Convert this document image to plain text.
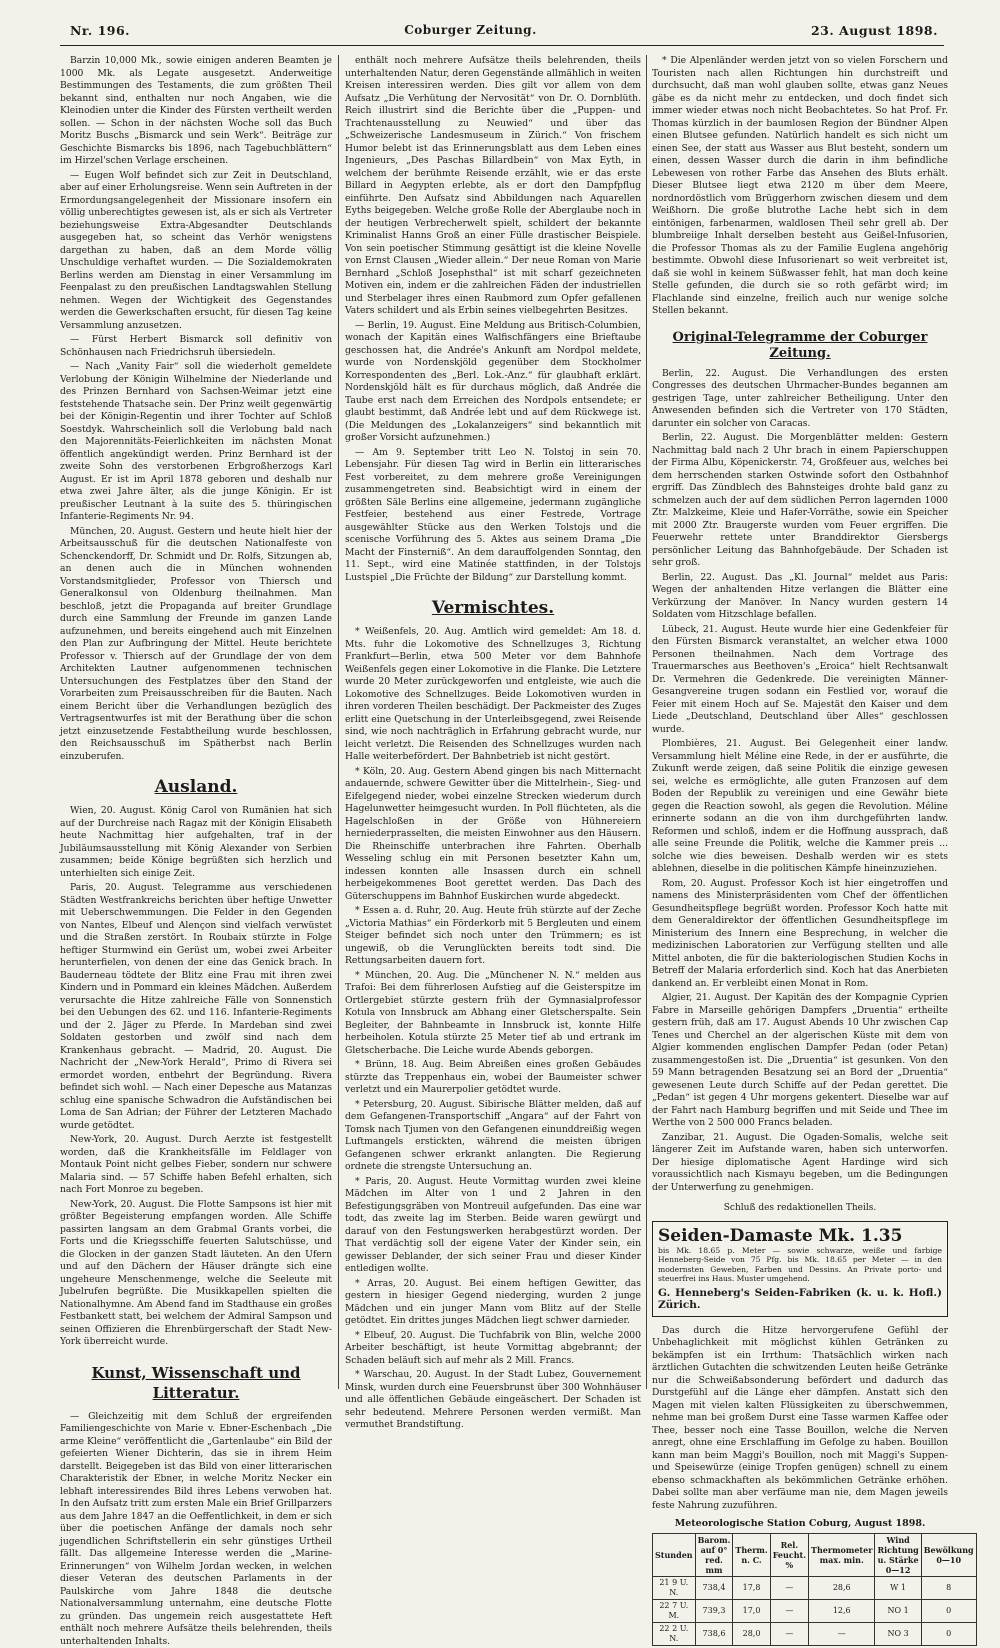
Nr. 196.	Coburger Zeitung.	23. August 1898.

Barzin 10,000 Mk., sowie einigen anderen Beamten je 1000 Mk. als Legate ausgesetzt. Anderweitige Bestimmungen des Testaments, die zum größten Theil bekannt sind, enthalten nur noch Angaben, wie die Kleinodien unter die Kinder des Fürsten vertheilt werden sollen. — Schon in der nächsten Woche soll das Buch Moritz Buschs „Bismarck und sein Werk“. Beiträge zur Geschichte Bismarcks bis 1896, nach Tagebuchblättern“ im Hirzel'schen Verlage erscheinen.

— Eugen Wolf befindet sich zur Zeit in Deutschland, aber auf einer Erholungsreise. Wenn sein Auftreten in der Ermordungsangelegenheit der Missionare insofern ein völlig unberechtigtes gewesen ist, als er sich als Vertreter beziehungsweise Extra-Abgesandter Deutschlands ausgegeben hat, so scheint das Verhör wenigstens dargethan zu haben, daß an dem Morde völlig Unschuldige verhaftet wurden. — Die Sozialdemokraten Berlins werden am Dienstag in einer Versammlung im Feenpalast zu den preußischen Landtagswahlen Stellung nehmen. Wegen der Wichtigkeit des Gegenstandes werden die Gewerkschaften ersucht, für diesen Tag keine Versammlung anzusetzen.

— Fürst Herbert Bismarck soll definitiv von Schönhausen nach Friedrichsruh übersiedeln.

— Nach „Vanity Fair“ soll die wiederholt gemeldete Verlobung der Königin Wilhelmine der Niederlande und des Prinzen Bernhard von Sachsen-Weimar jetzt eine feststehende Thatsache sein. Der Prinz weilt gegenwärtig bei der Königin-Regentin und ihrer Tochter auf Schloß Soestdyk. Wahrscheinlich soll die Verlobung bald nach den Majorennitäts-Feierlichkeiten im nächsten Monat öffentlich angekündigt werden. Prinz Bernhard ist der zweite Sohn des verstorbenen Erbgroßherzogs Karl August. Er ist im April 1878 geboren und deshalb nur etwa zwei Jahre älter, als die junge Königin. Er ist preußischer Leutnant à la suite des 5. thüringischen Infanterie-Regiments Nr. 94.

München, 20. August. Gestern und heute hielt hier der Arbeitsausschuß für die deutschen Nationalfeste von Schenckendorff, Dr. Schmidt und Dr. Rolfs, Sitzungen ab, an denen auch die in München wohnenden Vorstandsmitglieder, Professor von Thiersch und Generalkonsul von Oldenburg theilnahmen. Man beschloß, jetzt die Propaganda auf breiter Grundlage durch eine Sammlung der Freunde im ganzen Lande aufzunehmen, und bereits eingehend auch mit Einzelnen den Plan zur Aufbringung der Mittel. Heute berichtete Professor v. Thiersch auf der Grundlage der von dem Architekten Lautner aufgenommenen technischen Untersuchungen des Festplatzes über den Stand der Vorarbeiten zum Preisausschreiben für die Bauten. Nach einem Bericht über die Verhandlungen bezüglich des Vertragsentwurfes ist mit der Berathung über die schon jetzt einzusetzende Festabtheilung wurde beschlossen, den Reichsausschuß im Spätherbst nach Berlin einzuberufen.

Ausland.

Wien, 20. August. König Carol von Rumänien hat sich auf der Durchreise nach Ragaz mit der Königin Elisabeth heute Nachmittag hier aufgehalten, traf in der Jubiläumsausstellung mit König Alexander von Serbien zusammen; beide Könige begrüßten sich herzlich und unterhielten sich einige Zeit.

Paris, 20. August. Telegramme aus verschiedenen Städten Westfrankreichs berichten über heftige Unwetter mit Ueberschwemmungen. Die Felder in den Gegenden von Nantes, Elbeuf und Alençon sind vielfach verwüstet und die Straßen zerstört. In Roubaix stürzte in Folge heftiger Sturmwind ein Gerüst um, wobei zwei Arbeiter herunterfielen, von denen der eine das Genick brach. In Bauderneau tödtete der Blitz eine Frau mit ihren zwei Kindern und in Pommard ein kleines Mädchen. Außerdem verursachte die Hitze zahlreiche Fälle von Sonnenstich bei den Uebungen des 62. und 116. Infanterie-Regiments und der 2. Jäger zu Pferde. In Mardeban sind zwei Soldaten gestorben und zwölf sind nach dem Krankenhaus gebracht. — Madrid, 20. August. Die Nachricht der „New-York Herald“, Primo di Rivera sei ermordet worden, entbehrt der Begründung. Rivera befindet sich wohl. — Nach einer Depesche aus Matanzas schlug eine spanische Schwadron die Aufständischen bei Loma de San Adrian; der Führer der Letzteren Machado wurde getödtet.

New-York, 20. August. Durch Aerzte ist festgestellt worden, daß die Krankheitsfälle im Feldlager von Montauk Point nicht gelbes Fieber, sondern nur schwere Malaria sind. — 57 Schiffe haben Befehl erhalten, sich nach Fort Monroe zu begeben.

New-York, 20. August. Die Flotte Sampsons ist hier mit größter Begeisterung empfangen worden. Alle Schiffe passirten langsam an dem Grabmal Grants vorbei, die Forts und die Kriegsschiffe feuerten Salutschüsse, und die Glocken in der ganzen Stadt läuteten. An den Ufern und auf den Dächern der Häuser drängte sich eine ungeheure Menschenmenge, welche die Seeleute mit Jubelrufen begrüßte. Die Musikkapellen spielten die Nationalhymne. Am Abend fand im Stadthause ein großes Festbankett statt, bei welchem der Admiral Sampson und seinen Offizieren die Ehrenbürgerschaft der Stadt New-York überreicht wurde.

Kunst, Wissenschaft und Litteratur.

— Gleichzeitig mit dem Schluß der ergreifenden Familiengeschichte von Marie v. Ebner-Eschenbach „Die arme Kleine“ veröffentlicht die „Gartenlaube“ ein Bild der gefeierten Wiener Dichterin, das sie in ihrem Heim darstellt. Beigegeben ist das Bild von einer litterarischen Charakteristik der Ebner, in welche Moritz Necker ein lebhaft interessirendes Bild ihres Lebens verwoben hat. In den Aufsatz tritt zum ersten Male ein Brief Grillparzers aus dem Jahre 1847 an die Oeffentlichkeit, in dem er sich über die poetischen Anfänge der damals noch sehr jugendlichen Schriftstellerin ein sehr günstiges Urtheil fällt. Das allgemeine Interesse werden die „Marine-Erinnerungen“ von Wilhelm Jordan wecken, in welchen dieser Veteran des deutschen Parlaments in der Paulskirche vom Jahre 1848 die deutsche Nationalversammlung unternahm, eine deutsche Flotte zu gründen. Das ungemein reich ausgestattete Heft enthält noch mehrere Aufsätze theils belehrenden, theils unterhaltenden Inhalts.

enthält noch mehrere Aufsätze theils belehrenden, theils unterhaltenden Natur, deren Gegenstände allmählich in weiten Kreisen interessiren werden. Dies gilt vor allem von dem Aufsatz „Die Verhütung der Nervosität“ von Dr. O. Dornblüth. Reich illustrirt sind die Berichte über die „Puppen- und Trachtenausstellung zu Neuwied“ und über das „Schweizerische Landesmuseum in Zürich.“ Von frischem Humor belebt ist das Erinnerungsblatt aus dem Leben eines Ingenieurs, „Des Paschas Billardbein“ von Max Eyth, in welchem der berühmte Reisende erzählt, wie er das erste Billard in Aegypten erlebte, als er dort den Dampfpflug einführte. Den Aufsatz sind Abbildungen nach Aquarellen Eyths beigegeben. Welche große Rolle der Aberglaube noch in der heutigen Verbrecherwelt spielt, schildert der bekannte Kriminalist Hanns Groß an einer Fülle drastischer Beispiele. Von sein poetischer Stimmung gesättigt ist die kleine Novelle von Ernst Clausen „Wieder allein.“ Der neue Roman von Marie Bernhard „Schloß Josephsthal“ ist mit scharf gezeichneten Motiven ein, indem er die zahlreichen Fäden der industriellen und Sterbelager ihres einen Raubmord zum Opfer gefallenen Vaters schildert und als Erbin seines vielbegehrten Besitzes.

— Berlin, 19. August. Eine Meldung aus Britisch-Columbien, wonach der Kapitän eines Walfischfängers eine Brieftaube geschossen hat, die Andrée's Ankunft am Nordpol meldete, wurde von Nordenskjöld gegenüber dem Stockholmer Korrespondenten des „Berl. Lok.-Anz.“ für glaubhaft erklärt. Nordenskjöld hält es für durchaus möglich, daß Andrée die Taube erst nach dem Erreichen des Nordpols entsendete; er glaubt bestimmt, daß Andrée lebt und auf dem Rückwege ist. (Die Meldungen des „Lokalanzeigers“ sind bekanntlich mit großer Vorsicht aufzunehmen.)

— Am 9. September tritt Leo N. Tolstoj in sein 70. Lebensjahr. Für diesen Tag wird in Berlin ein litterarisches Fest vorbereitet, zu dem mehrere große Vereinigungen zusammengetreten sind. Beabsichtigt wird in einem der größten Säle Berlins eine allgemeine, jedermann zugängliche Festfeier, bestehend aus einer Festrede, Vortrage ausgewählter Stücke aus den Werken Tolstojs und die scenische Vorführung des 5. Aktes aus seinem Drama „Die Macht der Finsterniß“. An dem darauffolgenden Sonntag, den 11. Sept., wird eine Matinée stattfinden, in der Tolstojs Lustspiel „Die Früchte der Bildung“ zur Darstellung kommt.

Vermischtes.

* Weißenfels, 20. Aug. Amtlich wird gemeldet: Am 18. d. Mts. fuhr die Lokomotive des Schnellzuges 3, Richtung Frankfurt—Berlin, etwa 500 Meter vor dem Bahnhofe Weißenfels gegen einer Lokomotive in die Flanke. Die Letztere wurde 20 Meter zurückgeworfen und entgleiste, wie auch die Lokomotive des Schnellzuges. Beide Lokomotiven wurden in ihren vorderen Theilen beschädigt. Der Packmeister des Zuges erlitt eine Quetschung in der Unterleibsgegend, zwei Reisende sind, wie noch nachträglich in Erfahrung gebracht wurde, nur leicht verletzt. Die Reisenden des Schnellzuges wurden nach Halle weiterbefördert. Der Bahnbetrieb ist nicht gestört.

* Köln, 20. Aug. Gestern Abend gingen bis nach Mitternacht andauernde, schwere Gewitter über die Mittelrhein-, Sieg- und Eifelgegend nieder, wobei einzelne Strecken wiederum durch Hagelunwetter heimgesucht wurden. In Poll flüchteten, als die Hagelschloßen in der Größe von Hühnereiern herniederprasselten, die meisten Einwohner aus den Häusern. Die Rheinschiffe unterbrachen ihre Fahrten. Oberhalb Wesseling schlug ein mit Personen besetzter Kahn um, indessen konnten alle Insassen durch ein schnell herbeigekommenes Boot gerettet werden. Das Dach des Güterschuppens im Bahnhof Euskirchen wurde abgedeckt.

* Essen a. d. Ruhr, 20. Aug. Heute früh stürzte auf der Zeche „Victoria Mathias“ ein Förderkorb mit 5 Bergleuten und einem Steiger befindet sich noch unter den Trümmern; es ist ungewiß, ob die Verunglückten bereits todt sind. Die Rettungsarbeiten dauern fort.

* München, 20. Aug. Die „Münchener N. N.“ melden aus Trafoi: Bei dem führerlosen Aufstieg auf die Geisterspitze im Ortlergebiet stürzte gestern früh der Gymnasialprofessor Kotula von Innsbruck am Abhang einer Gletscherspalte. Sein Begleiter, der Bahnbeamte in Innsbruck ist, konnte Hilfe herbeiholen. Kotula stürzte 25 Meter tief ab und ertrank im Gletscherbache. Die Leiche wurde Abends geborgen.

* Brünn, 18. Aug. Beim Abreißen eines großen Gebäudes stürzte das Treppenhaus ein, wobei der Baumeister schwer verletzt und ein Maurerpolier getödtet wurde.

* Petersburg, 20. August. Sibirische Blätter melden, daß auf dem Gefangenen-Transportschiff „Angara“ auf der Fahrt von Tomsk nach Tjumen von den Gefangenen einunddreißig wegen Luftmangels erstickten, während die meisten übrigen Gefangenen schwer erkrankt anlangten. Die Regierung ordnete die strengste Untersuchung an.

* Paris, 20. August. Heute Vormittag wurden zwei kleine Mädchen im Alter von 1 und 2 Jahren in den Befestigungsgräben von Montreuil aufgefunden. Das eine war todt, das zweite lag im Sterben. Beide waren gewürgt und darauf von den Festungswerken herabgestürzt worden. Der That verdächtig soll der eigene Vater der Kinder sein, ein gewisser Deblander, der sich seiner Frau und dieser Kinder entledigen wollte.

* Arras, 20. August. Bei einem heftigen Gewitter, das gestern in hiesiger Gegend niederging, wurden 2 junge Mädchen und ein junger Mann vom Blitz auf der Stelle getödtet. Ein drittes junges Mädchen liegt schwer darnieder.

* Elbeuf, 20. August. Die Tuchfabrik von Blin, welche 2000 Arbeiter beschäftigt, ist heute Vormittag abgebrannt; der Schaden beläuft sich auf mehr als 2 Mill. Francs.

* Warschau, 20. August. In der Stadt Lubez, Gouvernement Minsk, wurden durch eine Feuersbrunst über 300 Wohnhäuser und alle öffentlichen Gebäude eingeäschert. Der Schaden ist sehr bedeutend. Mehrere Personen werden vermißt. Man vermuthet Brandstiftung.

* Die Alpenländer werden jetzt von so vielen Forschern und Touristen nach allen Richtungen hin durchstreift und durchsucht, daß man wohl glauben sollte, etwas ganz Neues gäbe es da nicht mehr zu entdecken, und doch findet sich immer wieder etwas noch nicht Beobachtetes. So hat Prof. Fr. Thomas kürzlich in der baumlosen Region der Bündner Alpen einen Blutsee gefunden. Natürlich handelt es sich nicht um einen See, der statt aus Wasser aus Blut besteht, sondern um einen, dessen Wasser durch die darin in ihm befindliche Lebewesen von rother Farbe das Ansehen des Bluts erhält. Dieser Blutsee liegt etwa 2120 m über dem Meere, nordnordöstlich vom Brüggerhorn zwischen diesem und dem Weißhorn. Die große blutrothe Lache hebt sich in dem eintönigen, farbenarmen, waldlosen Theil sehr grell ab. Der blumbreiige Inhalt derselben besteht aus Geißel-Infusorien, die Professor Thomas als zu der Familie Euglena angehörig bestimmte. Obwohl diese Infusorienart so weit verbreitet ist, daß sie wohl in keinem Süßwasser fehlt, hat man doch keine Stelle gefunden, die durch sie so roth gefärbt wird; im Flachlande sind einzelne, freilich auch nur wenige solche Stellen bekannt.

Original-Telegramme der Coburger Zeitung.

Berlin, 22. August. Die Verhandlungen des ersten Congresses des deutschen Uhrmacher-Bundes begannen am gestrigen Tage, unter zahlreicher Betheiligung. Unter den Anwesenden befinden sich die Vertreter von 170 Städten, darunter ein solcher von Caracas.

Berlin, 22. August. Die Morgenblätter melden: Gestern Nachmittag bald nach 2 Uhr brach in einem Papierschuppen der Firma Albu, Köpenickerstr. 74, Großfeuer aus, welches bei dem herrschenden starken Ostwinde sofort den Ostbahnhof ergriff. Das Zündblech des Bahnsteiges drohte bald ganz zu schmelzen auch der auf dem südlichen Perron lagernden 1000 Ztr. Malzkeime, Kleie und Hafer-Vorräthe, sowie ein Speicher mit 2000 Ztr. Braugerste wurden vom Feuer ergriffen. Die Feuerwehr rettete unter Branddirektor Giersbergs persönlicher Leitung das Bahnhofgebäude. Der Schaden ist sehr groß.

Berlin, 22. August. Das „Kl. Journal“ meldet aus Paris: Wegen der anhaltenden Hitze verlangen die Blätter eine Verkürzung der Manöver. In Nancy wurden gestern 14 Soldaten vom Hitzschlage befallen.

Lübeck, 21. August. Heute wurde hier eine Gedenkfeier für den Fürsten Bismarck veranstaltet, an welcher etwa 1000 Personen theilnahmen. Nach dem Vortrage des Trauermarsches aus Beethoven's „Eroica“ hielt Rechtsanwalt Dr. Vermehren die Gedenkrede. Die vereinigten Männer-Gesangvereine trugen sodann ein Festlied vor, worauf die Feier mit einem Hoch auf Se. Majestät den Kaiser und dem Liede „Deutschland, Deutschland über Alles“ geschlossen wurde.

Plombières, 21. August. Bei Gelegenheit einer landw. Versammlung hielt Méline eine Rede, in der er ausführte, die Zukunft werde zeigen, daß seine Politik die einzige gewesen sei, welche es ermöglichte, alle guten Franzosen auf dem Boden der Republik zu vereinigen und eine Gewähr biete gegen die Reaction sowohl, als gegen die Revolution. Méline erinnerte sodann an die von ihm durchgeführten landw. Reformen und schloß, indem er die Hoffnung aussprach, daß alle seine Freunde die Politik, welche die Kammer preis ... solche wie dies beweisen. Deshalb werden wir es stets ablehnen, dieselbe in die politischen Kämpfe hineinzuziehen.

Rom, 20. August. Professor Koch ist hier eingetroffen und namens des Ministerpräsidenten vom Chef der öffentlichen Gesundheitspflege begrüßt worden. Professor Koch hatte mit dem Generaldirektor der öffentlichen Gesundheitspflege im Ministerium des Innern eine Besprechung, in welcher die medizinischen Laboratorien zur Verfügung stellten und alle Mittel anboten, die für die bakteriologischen Studien Kochs in Betreff der Malaria erforderlich sind. Koch hat das Anerbieten dankend an. Er verbleibt einen Monat in Rom.

Algier, 21. August. Der Kapitän des der Kompagnie Cyprien Fabre in Marseille gehörigen Dampfers „Druentia“ ertheilte gestern früh, daß am 17. August Abends 10 Uhr zwischen Cap Tenes und Cherchel an der algerischen Küste mit dem von Algier kommenden englischen Dampfer Pedan (oder Petan) zusammengestoßen ist. Die „Druentia“ ist gesunken. Von den 59 Mann betragenden Besatzung sei an Bord der „Druentia“ gewesenen Leute durch Schiffe auf der Pedan gerettet. Die „Pedan“ ist gegen 4 Uhr morgens gekentert. Dieselbe war auf der Fahrt nach Hamburg begriffen und mit Seide und Thee im Werthe von 2 500 000 Francs beladen.

Zanzibar, 21. August. Die Ogaden-Somalis, welche seit längerer Zeit im Aufstande waren, haben sich unterworfen. Der hiesige diplomatische Agent Hardinge wird sich voraussichtlich nach Kismayu begeben, um die Bedingungen der Unterwerfung zu genehmigen.

Schluß des redaktionellen Theils.
Seiden-Damaste Mk. 1.35
bis Mk. 18.65 p. Meter — sowie schwarze, weiße und farbige Henneberg-Seide von 75 Pfg. bis Mk. 18.65 per Meter — in den modernsten Geweben, Farben und Dessins. An Private porto- und steuerfrei ins Haus. Muster umgehend.
G. Henneberg's Seiden-Fabriken (k. u. k. Hofl.) Zürich.

Das durch die Hitze hervorgerufene Gefühl der Unbehaglichkeit mit möglichst kühlen Getränken zu bekämpfen ist ein Irrthum: Thatsächlich wirken nach ärztlichen Gutachten die schwitzenden Leuten heiße Getränke nur die Schweißabsonderung befördert und dadurch das Durstgefühl auf die Länge eher dämpfen. Anstatt sich den Magen mit vielen kalten Flüssigkeiten zu überschwemmen, nehme man bei großem Durst eine Tasse warmen Kaffee oder Thee, besser noch eine Tasse Bouillon, welche die Nerven anregt, ohne eine Erschlaffung im Gefolge zu haben. Bouillon kann man beim Maggi's Bouillon, noch mit Maggi's Suppen- und Speisewürze (einige Tropfen genügen) schnell zu einem ebenso schmackhaften als bekömmlichen Getränke erhöhen. Dabei sollte man aber verfäume man nie, dem Magen jeweils feste Nahrung zuzuführen.

Meteorologische Station Coburg, August 1898.
Stunden	Barom. auf 0° red. mm	Therm. n. C.	Rel. Feucht. %	Thermometer max. min.	Wind Richtung u. Stärke 0—12	Bewölkung 0—10
21 9 U. N.	738,4	17,8	—	28,6	W 1	8
22 7 U. M.	739,3	17,0	—	12,6	NO 1	0
22 2 U. N.	738,6	28,0	—	—	NO 3	0
